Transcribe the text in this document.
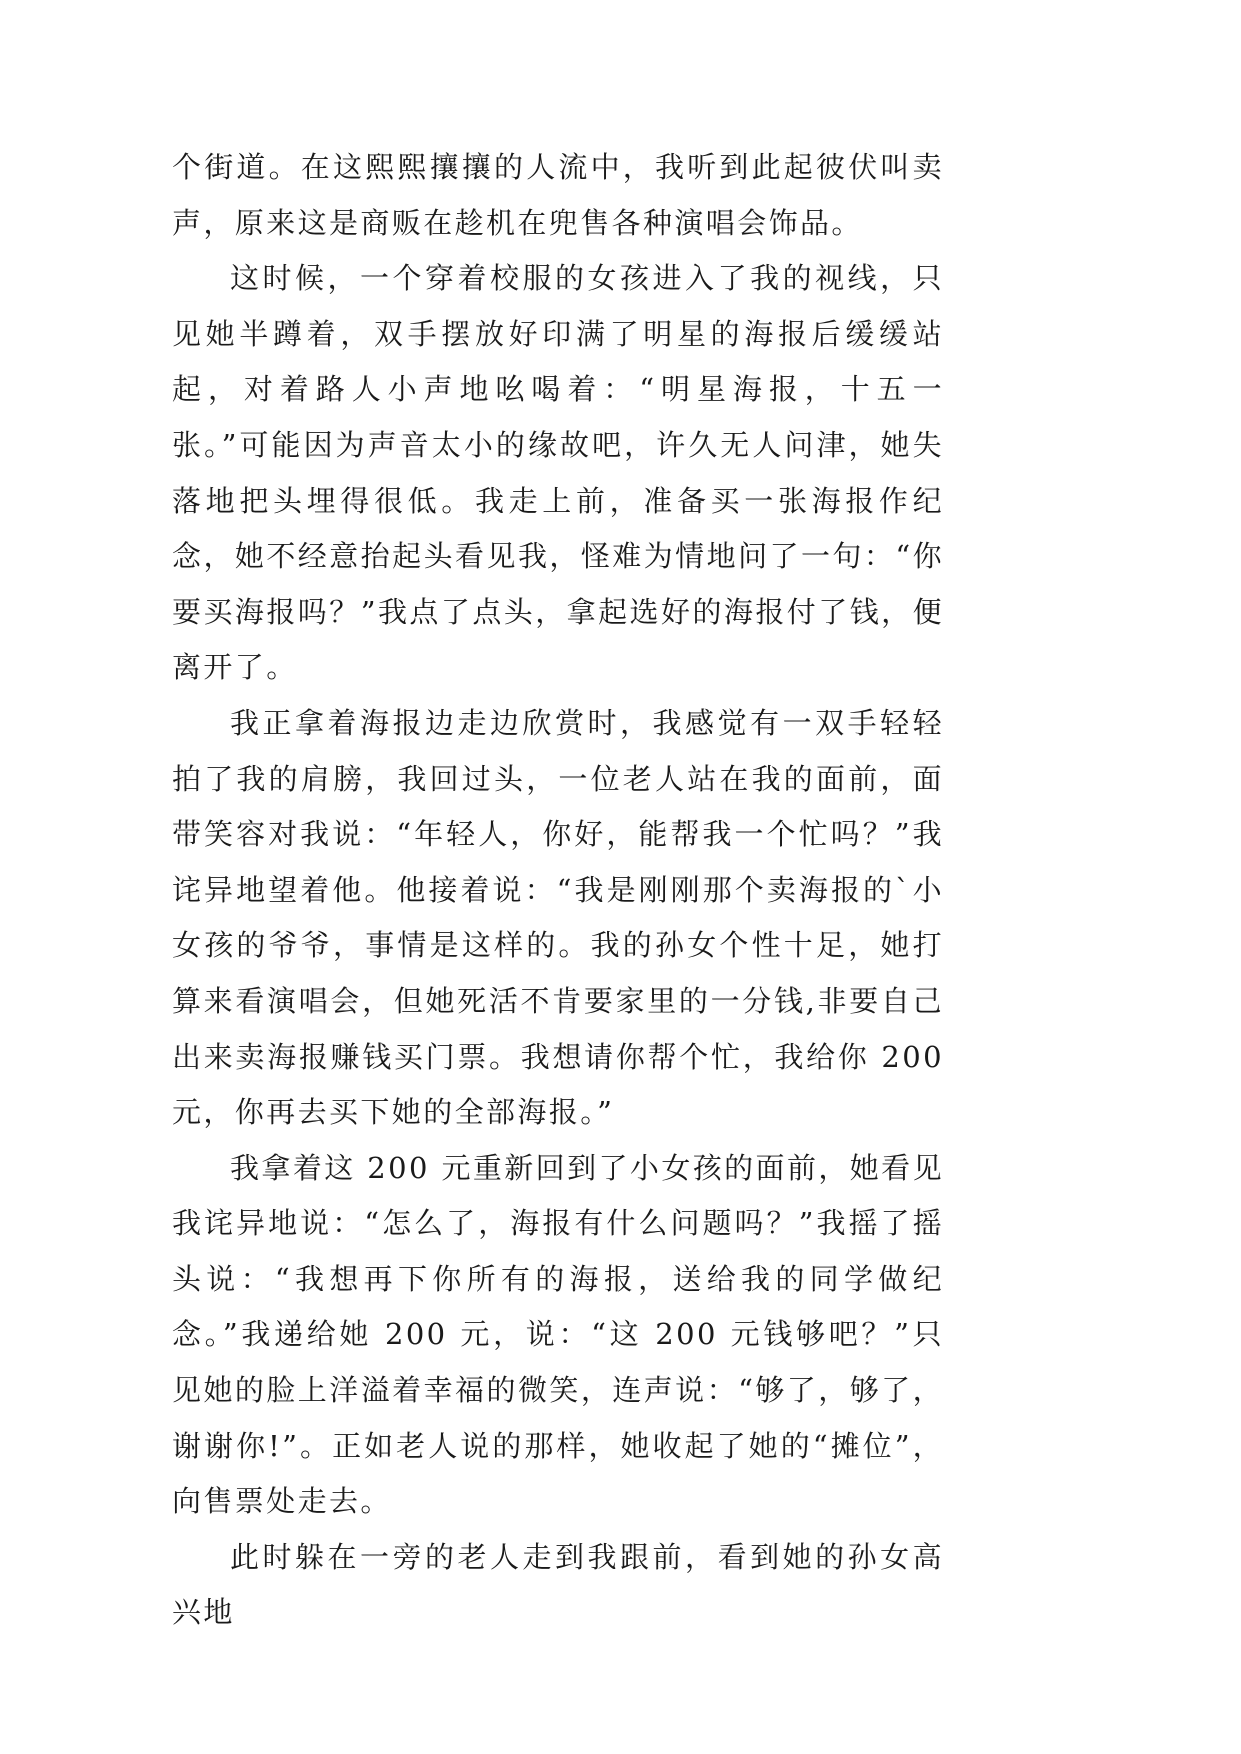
个街道。在这熙熙攘攘的人流中，我听到此起彼伏叫卖声，原来这是商贩在趁机在兜售各种演唱会饰品。

这时候，一个穿着校服的女孩进入了我的视线，只见她半蹲着，双手摆放好印满了明星的海报后缓缓站起，对着路人小声地吆喝着：“明星海报，十五一张。”可能因为声音太小的缘故吧，许久无人问津，她失落地把头埋得很低。我走上前，准备买一张海报作纪念，她不经意抬起头看见我，怪难为情地问了一句：“你要买海报吗？”我点了点头，拿起选好的海报付了钱，便离开了。

我正拿着海报边走边欣赏时，我感觉有一双手轻轻拍了我的肩膀，我回过头，一位老人站在我的面前，面带笑容对我说：“年轻人，你好，能帮我一个忙吗？”我诧异地望着他。他接着说：“我是刚刚那个卖海报的`小女孩的爷爷，事情是这样的。我的孙女个性十足，她打算来看演唱会，但她死活不肯要家里的一分钱,非要自己出来卖海报赚钱买门票。我想请你帮个忙，我给你 200 元，你再去买下她的全部海报。”

我拿着这 200 元重新回到了小女孩的面前，她看见我诧异地说：“怎么了，海报有什么问题吗？”我摇了摇头说：“我想再下你所有的海报，送给我的同学做纪念。”我递给她 200 元，说：“这 200 元钱够吧？”只见她的脸上洋溢着幸福的微笑，连声说：“够了，够了，谢谢你!”。正如老人说的那样，她收起了她的“摊位”，向售票处走去。

此时躲在一旁的老人走到我跟前，看到她的孙女高兴地
